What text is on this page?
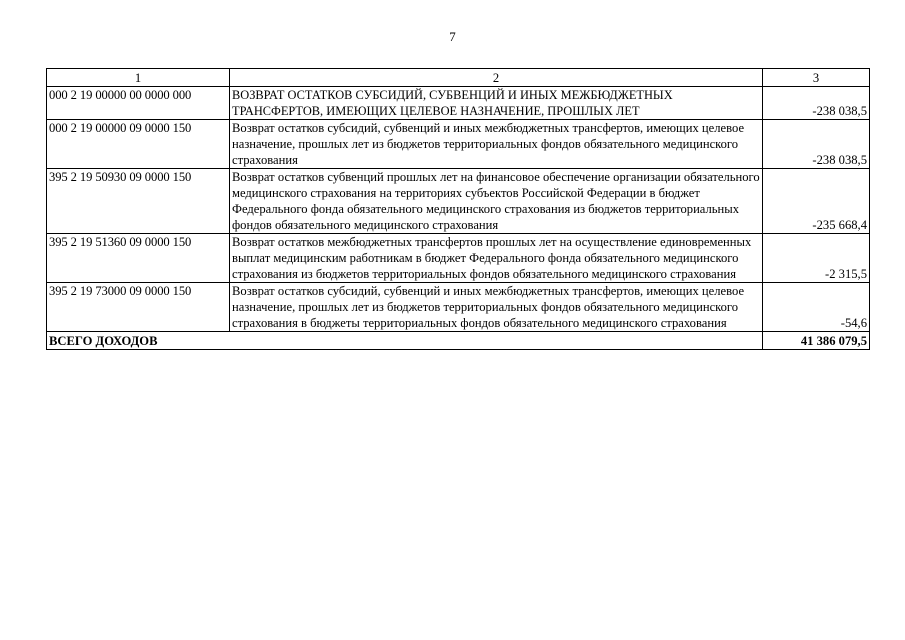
7
1	2	3
000 2 19 00000 00 0000 000	ВОЗВРАТ ОСТАТКОВ СУБСИДИЙ, СУБВЕНЦИЙ И ИНЫХ МЕЖБЮДЖЕТНЫХ ТРАНСФЕРТОВ, ИМЕЮЩИХ ЦЕЛЕВОЕ НАЗНАЧЕНИЕ, ПРОШЛЫХ ЛЕТ	-238 038,5
000 2 19 00000 09 0000 150	Возврат остатков субсидий, субвенций и иных межбюджетных трансфертов, имеющих целевое назначение, прошлых лет из бюджетов территориальных фондов обязательного медицинского страхования	-238 038,5
395 2 19 50930 09 0000 150	Возврат остатков субвенций прошлых лет на финансовое обеспечение организации обязательного медицинского страхования на территориях субъектов Российской Федерации в бюджет Федерального фонда обязательного медицинского страхования из бюджетов территориальных фондов обязательного медицинского страхования	-235 668,4
395 2 19 51360 09 0000 150	Возврат остатков межбюджетных трансфертов прошлых лет на осуществление единовременных выплат медицинским работникам в бюджет Федерального фонда обязательного медицинского страхования из бюджетов территориальных фондов обязательного медицинского страхования	-2 315,5
395 2 19 73000 09 0000 150	Возврат остатков субсидий, субвенций и иных межбюджетных трансфертов, имеющих целевое назначение, прошлых лет из бюджетов территориальных фондов обязательного медицинского страхования в бюджеты территориальных фондов обязательного медицинского страхования	-54,6
ВСЕГО ДОХОДОВ		41 386 079,5
